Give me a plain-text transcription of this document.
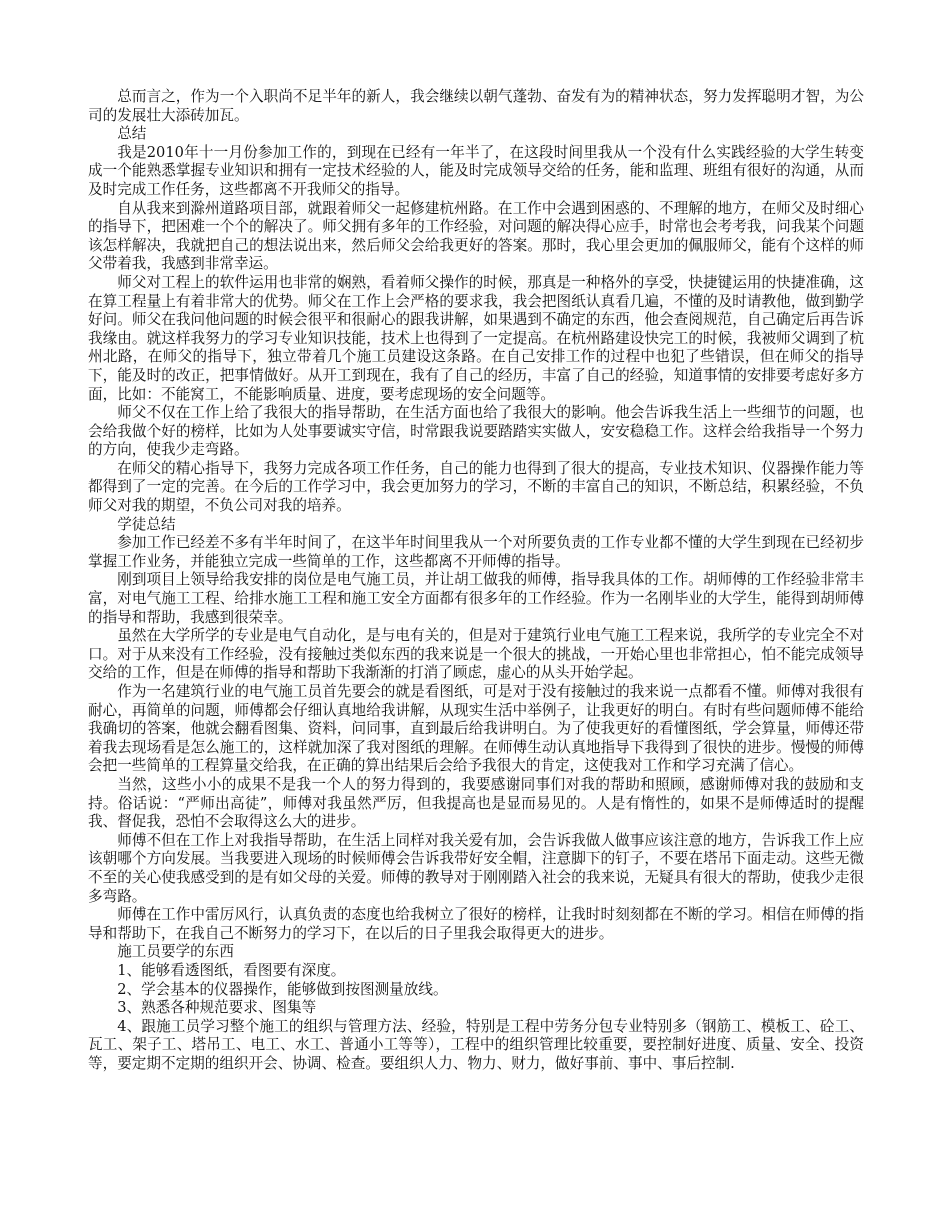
总而言之，作为一个入职尚不足半年的新人，我会继续以朝气蓬勃、奋发有为的精神状态，努力发挥聪明才智，为公司的发展壮大添砖加瓦。

总结

我是2010年十一月份参加工作的，到现在已经有一年半了，在这段时间里我从一个没有什么实践经验的大学生转变成一个能熟悉掌握专业知识和拥有一定技术经验的人，能及时完成领导交给的任务，能和监理、班组有很好的沟通，从而及时完成工作任务，这些都离不开我师父的指导。

自从我来到滁州道路项目部，就跟着师父一起修建杭州路。在工作中会遇到困惑的、不理解的地方，在师父及时细心的指导下，把困难一个个的解决了。师父拥有多年的工作经验，对问题的解决得心应手，时常也会考考我，问我某个问题该怎样解决，我就把自己的想法说出来，然后师父会给我更好的答案。那时，我心里会更加的佩服师父，能有个这样的师父带着我，我感到非常幸运。

师父对工程上的软件运用也非常的娴熟，看着师父操作的时候，那真是一种格外的享受，快捷键运用的快捷准确，这在算工程量上有着非常大的优势。师父在工作上会严格的要求我，我会把图纸认真看几遍，不懂的及时请教他，做到勤学好问。师父在我问他问题的时候会很平和很耐心的跟我讲解，如果遇到不确定的东西，他会查阅规范，自己确定后再告诉我缘由。就这样我努力的学习专业知识技能，技术上也得到了一定提高。在杭州路建设快完工的时候，我被师父调到了杭州北路，在师父的指导下，独立带着几个施工员建设这条路。在自己安排工作的过程中也犯了些错误，但在师父的指导下，能及时的改正，把事情做好。从开工到现在，我有了自己的经历，丰富了自己的经验，知道事情的安排要考虑好多方面，比如：不能窝工，不能影响质量、进度，要考虑现场的安全问题等。

师父不仅在工作上给了我很大的指导帮助，在生活方面也给了我很大的影响。他会告诉我生活上一些细节的问题，也会给我做个好的榜样，比如为人处事要诚实守信，时常跟我说要踏踏实实做人，安安稳稳工作。这样会给我指导一个努力的方向，使我少走弯路。

在师父的精心指导下，我努力完成各项工作任务，自己的能力也得到了很大的提高，专业技术知识、仪器操作能力等都得到了一定的完善。在今后的工作学习中，我会更加努力的学习，不断的丰富自己的知识，不断总结，积累经验，不负师父对我的期望，不负公司对我的培养。

学徒总结

参加工作已经差不多有半年时间了，在这半年时间里我从一个对所要负责的工作专业都不懂的大学生到现在已经初步掌握工作业务，并能独立完成一些简单的工作，这些都离不开师傅的指导。

刚到项目上领导给我安排的岗位是电气施工员，并让胡工做我的师傅，指导我具体的工作。胡师傅的工作经验非常丰富，对电气施工工程、给排水施工工程和施工安全方面都有很多年的工作经验。作为一名刚毕业的大学生，能得到胡师傅的指导和帮助，我感到很荣幸。

虽然在大学所学的专业是电气自动化，是与电有关的，但是对于建筑行业电气施工工程来说，我所学的专业完全不对口。对于从来没有工作经验，没有接触过类似东西的我来说是一个很大的挑战，一开始心里也非常担心，怕不能完成领导交给的工作，但是在师傅的指导和帮助下我渐渐的打消了顾虑，虚心的从头开始学起。

作为一名建筑行业的电气施工员首先要会的就是看图纸，可是对于没有接触过的我来说一点都看不懂。师傅对我很有耐心，再简单的问题，师傅都会仔细认真地给我讲解，从现实生活中举例子，让我更好的明白。有时有些问题师傅不能给我确切的答案，他就会翻看图集、资料，问同事，直到最后给我讲明白。为了使我更好的看懂图纸，学会算量，师傅还带着我去现场看是怎么施工的，这样就加深了我对图纸的理解。在师傅生动认真地指导下我得到了很快的进步。慢慢的师傅会把一些简单的工程算量交给我，在正确的算出结果后会给予我很大的肯定，这使我对工作和学习充满了信心。

当然，这些小小的成果不是我一个人的努力得到的，我要感谢同事们对我的帮助和照顾，感谢师傅对我的鼓励和支持。俗话说：“严师出高徒”，师傅对我虽然严厉，但我提高也是显而易见的。人是有惰性的，如果不是师傅适时的提醒我、督促我，恐怕不会取得这么大的进步。

师傅不但在工作上对我指导帮助，在生活上同样对我关爱有加，会告诉我做人做事应该注意的地方，告诉我工作上应该朝哪个方向发展。当我要进入现场的时候师傅会告诉我带好安全帽，注意脚下的钉子，不要在塔吊下面走动。这些无微不至的关心使我感受到的是有如父母的关爱。师傅的教导对于刚刚踏入社会的我来说，无疑具有很大的帮助，使我少走很多弯路。

师傅在工作中雷厉风行，认真负责的态度也给我树立了很好的榜样，让我时时刻刻都在不断的学习。相信在师傅的指导和帮助下，在我自己不断努力的学习下，在以后的日子里我会取得更大的进步。

施工员要学的东西

1、能够看透图纸，看图要有深度。

2、学会基本的仪器操作，能够做到按图测量放线。

3、熟悉各种规范要求、图集等

4、跟施工员学习整个施工的组织与管理方法、经验，特别是工程中劳务分包专业特别多（钢筋工、模板工、砼工、瓦工、架子工、塔吊工、电工、水工、普通小工等等），工程中的组织管理比较重要，要控制好进度、质量、安全、投资等，要定期不定期的组织开会、协调、检查。要组织人力、物力、财力，做好事前、事中、事后控制.
